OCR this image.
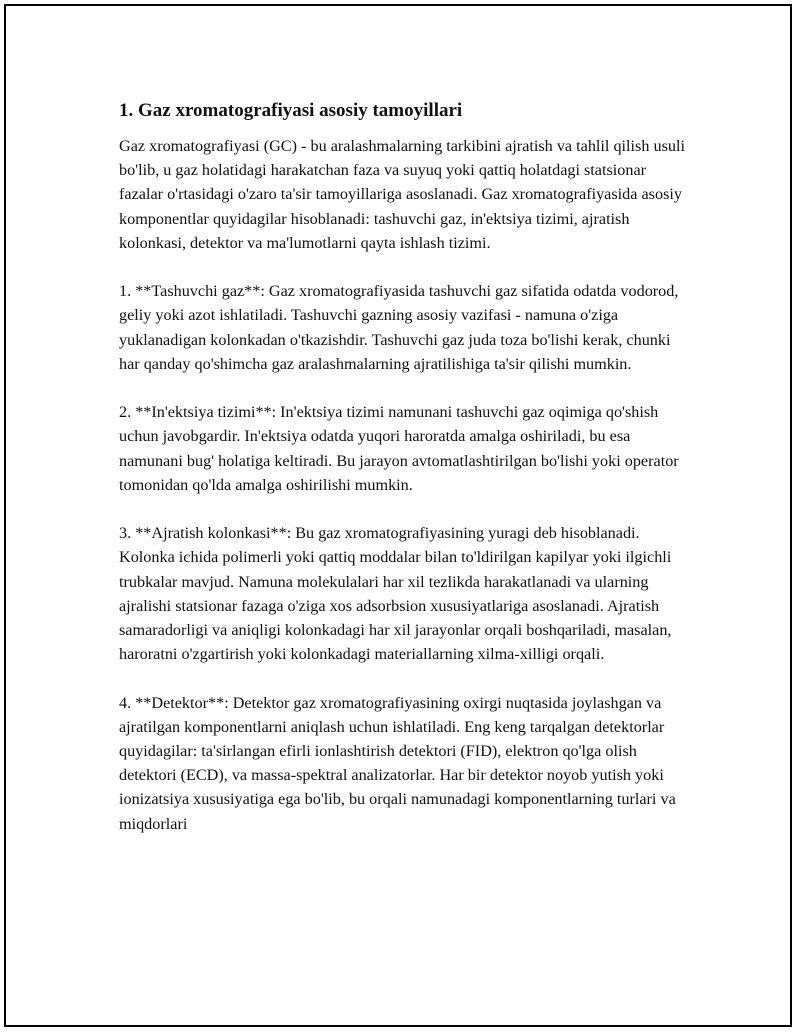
1. Gaz xromatografiyasi asosiy tamoyillari

Gaz xromatografiyasi (GC) - bu aralashmalarning tarkibini ajratish va tahlil qilish usuli bo'lib, u gaz holatidagi harakatchan faza va suyuq yoki qattiq holatdagi statsionar fazalar o'rtasidagi o'zaro ta'sir tamoyillariga asoslanadi. Gaz xromatografiyasida asosiy komponentlar quyidagilar hisoblanadi: tashuvchi gaz, in'ektsiya tizimi, ajratish kolonkasi, detektor va ma'lumotlarni qayta ishlash tizimi.

1. **Tashuvchi gaz**: Gaz xromatografiyasida tashuvchi gaz sifatida odatda vodorod, geliy yoki azot ishlatiladi. Tashuvchi gazning asosiy vazifasi - namuna o'ziga yuklanadigan kolonkadan o'tkazishdir. Tashuvchi gaz juda toza bo'lishi kerak, chunki har qanday qo'shimcha gaz aralashmalarning ajratilishiga ta'sir qilishi mumkin.

2. **In'ektsiya tizimi**: In'ektsiya tizimi namunani tashuvchi gaz oqimiga qo'shish uchun javobgardir. In'ektsiya odatda yuqori haroratda amalga oshiriladi, bu esa namunani bug' holatiga keltiradi. Bu jarayon avtomatlashtirilgan bo'lishi yoki operator tomonidan qo'lda amalga oshirilishi mumkin.

3. **Ajratish kolonkasi**: Bu gaz xromatografiyasining yuragi deb hisoblanadi. Kolonka ichida polimerli yoki qattiq moddalar bilan to'ldirilgan kapilyar yoki ilgichli trubkalar mavjud. Namuna molekulalari har xil tezlikda harakatlanadi va ularning ajralishi statsionar fazaga o'ziga xos adsorbsion xususiyatlariga asoslanadi. Ajratish samaradorligi va aniqligi kolonkadagi har xil jarayonlar orqali boshqariladi, masalan, haroratni o'zgartirish yoki kolonkadagi materiallarning xilma-xilligi orqali.

4. **Detektor**: Detektor gaz xromatografiyasining oxirgi nuqtasida joylashgan va ajratilgan komponentlarni aniqlash uchun ishlatiladi. Eng keng tarqalgan detektorlar quyidagilar: ta'sirlangan efirli ionlashtirish detektori (FID), elektron qo'lga olish detektori (ECD), va massa-spektral analizatorlar. Har bir detektor noyob yutish yoki ionizatsiya xususiyatiga ega bo'lib, bu orqali namunadagi komponentlarning turlari va miqdorlari
